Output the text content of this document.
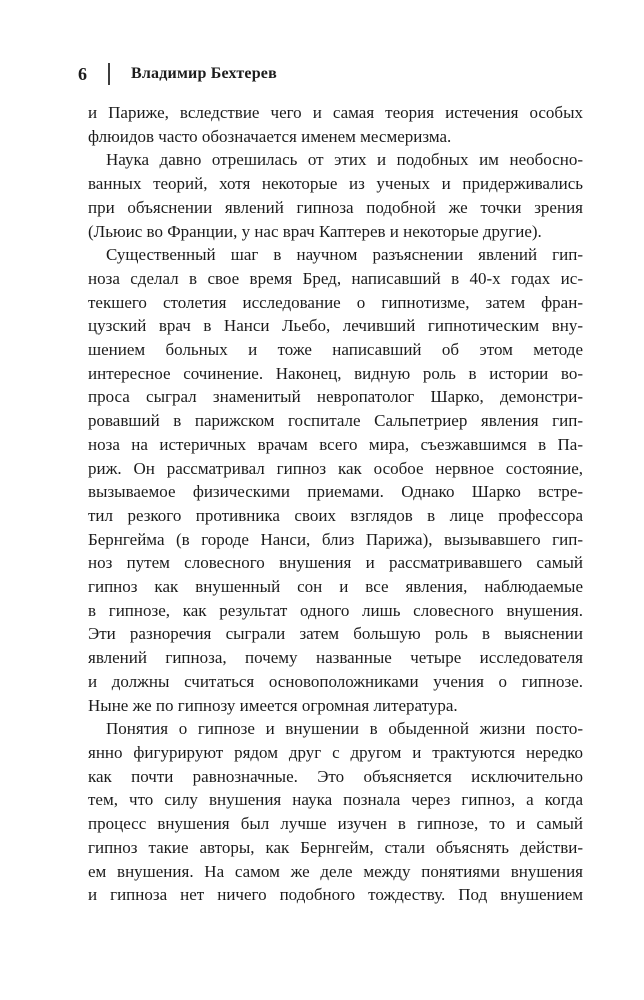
6	Владимир Бехтерев

и Париже, вследствие чего и самая теория истечения особых
флюидов часто обозначается именем месмеризма.

Наука давно отрешилась от этих и подобных им необосно-
ванных теорий, хотя некоторые из ученых и придерживались
при объяснении явлений гипноза подобной же точки зрения
(Льюис во Франции, у нас врач Каптерев и некоторые другие).

Существенный шаг в научном разъяснении явлений гип-
ноза сделал в свое время Бред, написавший в 40-х годах ис-
текшего столетия исследование о гипнотизме, затем фран-
цузский врач в Нанси Льебо, лечивший гипнотическим вну-
шением больных и тоже написавший об этом методе
интересное сочинение. Наконец, видную роль в истории во-
проса сыграл знаменитый невропатолог Шарко, демонстри-
ровавший в парижском госпитале Сальпетриер явления гип-
ноза на истеричных врачам всего мира, съезжавшимся в Па-
риж. Он рассматривал гипноз как особое нервное состояние,
вызываемое физическими приемами. Однако Шарко встре-
тил резкого противника своих взглядов в лице профессора
Бернгейма (в городе Нанси, близ Парижа), вызывавшего гип-
ноз путем словесного внушения и рассматривавшего самый
гипноз как внушенный сон и все явления, наблюдаемые
в гипнозе, как результат одного лишь словесного внушения.
Эти разноречия сыграли затем большую роль в выяснении
явлений гипноза, почему названные четыре исследователя
и должны считаться основоположниками учения о гипнозе.
Ныне же по гипнозу имеется огромная литература.

Понятия о гипнозе и внушении в обыденной жизни посто-
янно фигурируют рядом друг с другом и трактуются нередко
как почти равнозначные. Это объясняется исключительно
тем, что силу внушения наука познала через гипноз, а когда
процесс внушения был лучше изучен в гипнозе, то и самый
гипноз такие авторы, как Бернгейм, стали объяснять действи-
ем внушения. На самом же деле между понятиями внушения
и гипноза нет ничего подобного тождеству. Под внушением
